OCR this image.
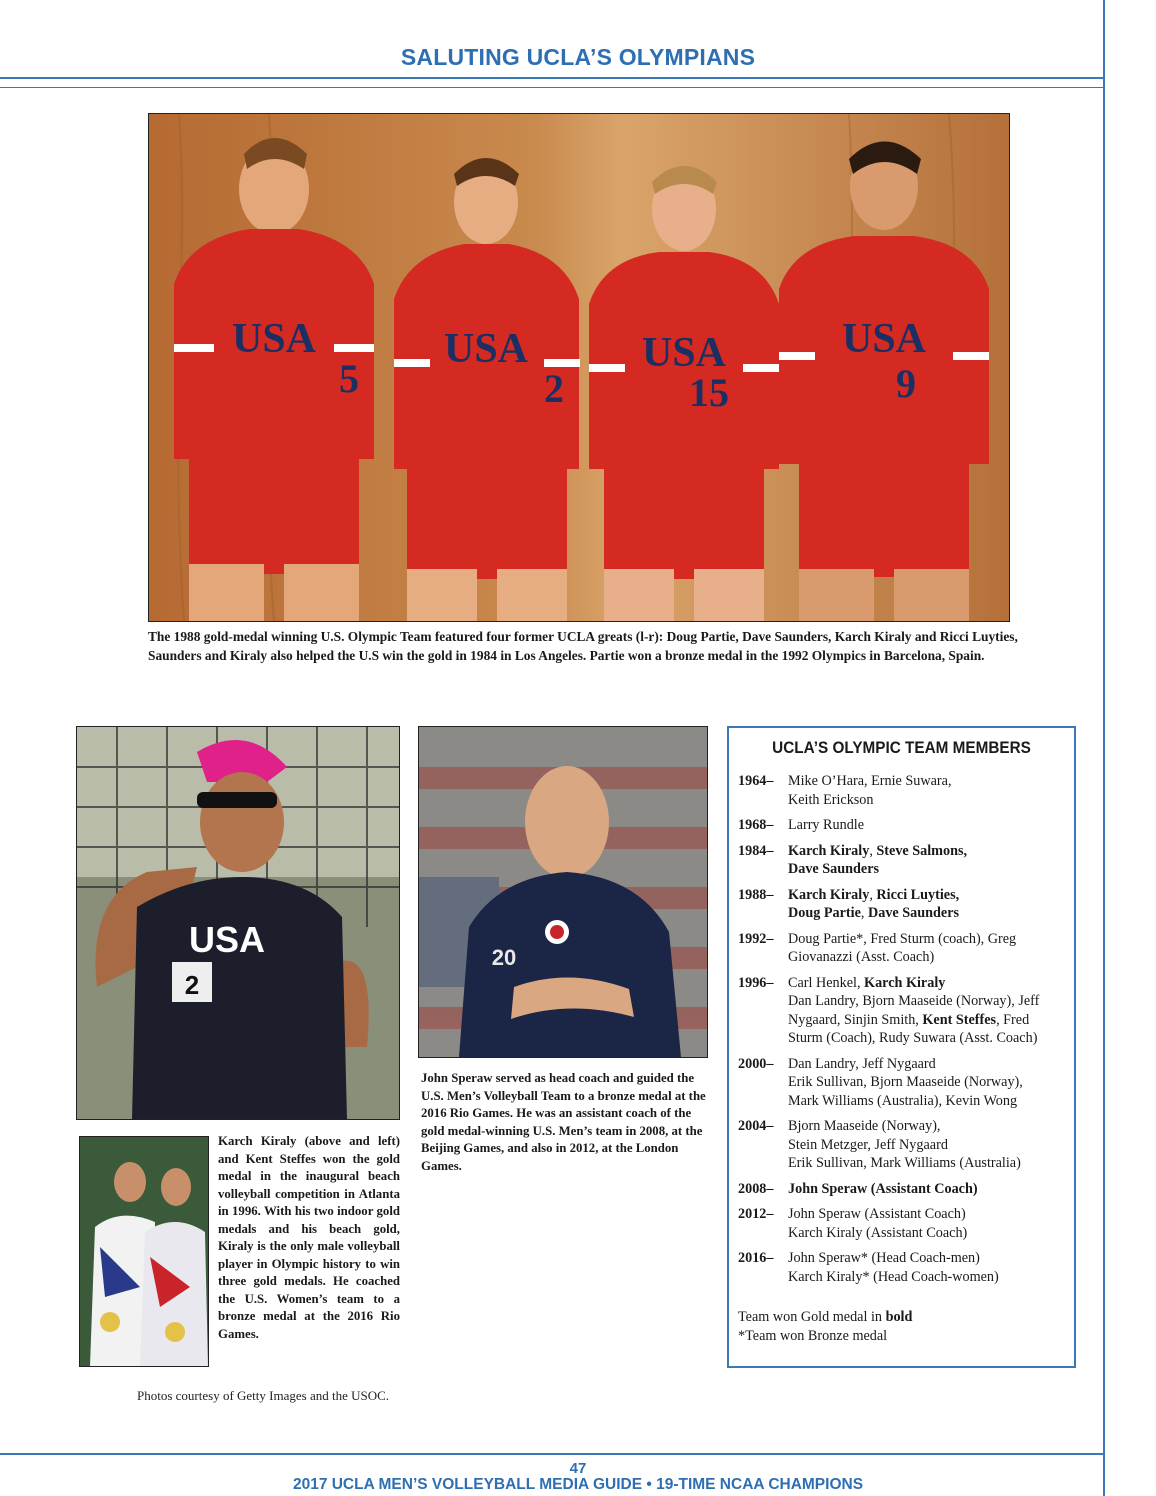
SALUTING UCLA’S OLYMPIANS
USA
5
USA
2
USA
15
USA
9
The 1988 gold-medal winning U.S. Olympic Team featured four former UCLA greats (l-r): Doug Partie, Dave Saunders, Karch Kiraly and Ricci Luyties, Saunders and Kiraly also helped the U.S win the gold in 1984 in Los Angeles. Partie won a bronze medal in the 1992 Olympics in Barcelona, Spain.
USA
2
20
John Speraw served as head coach and guided the U.S. Men’s Volleyball Team to a bronze medal at the 2016 Rio Games. He was an assistant coach of the gold medal-winning U.S. Men’s team in 2008, at the Beijing Games, and also in 2012, at the London Games.
Karch Kiraly (above and left) and Kent Steffes won the gold medal in the inaugural beach volleyball competition in Atlanta in 1996. With his two indoor gold medals and his beach gold, Kiraly is the only male volleyball player in Olympic history to win three gold medals. He coached the U.S. Women’s team to a bronze medal at the 2016 Rio Games.
Photos courtesy of Getty Images and the USOC.
UCLA’S OLYMPIC TEAM MEMBERS
1964–	Mike O’Hara, Ernie Suwara,
Keith Erickson
1968–	Larry Rundle
1984–	Karch Kiraly, Steve Salmons,
Dave Saunders
1988–	Karch Kiraly, Ricci Luyties,
Doug Partie, Dave Saunders
1992–	Doug Partie*, Fred Sturm (coach), Greg
Giovanazzi (Asst. Coach)
1996–	Carl Henkel, Karch Kiraly
Dan Landry, Bjorn Maaseide (Norway), Jeff
Nygaard, Sinjin Smith, Kent Steffes, Fred
Sturm (Coach), Rudy Suwara (Asst. Coach)
2000–	Dan Landry, Jeff Nygaard
Erik Sullivan, Bjorn Maaseide (Norway),
Mark Williams (Australia), Kevin Wong
2004–	Bjorn Maaseide (Norway),
Stein Metzger, Jeff Nygaard
Erik Sullivan, Mark Williams (Australia)
2008–	John Speraw (Assistant Coach)
2012–	John Speraw (Assistant Coach)
Karch Kiraly (Assistant Coach)
2016–	John Speraw* (Head Coach-men)
Karch Kiraly* (Head Coach-women)
Team won Gold medal in bold
*Team won Bronze medal
47
2017 UCLA MEN’S VOLLEYBALL MEDIA GUIDE • 19-TIME NCAA CHAMPIONS
